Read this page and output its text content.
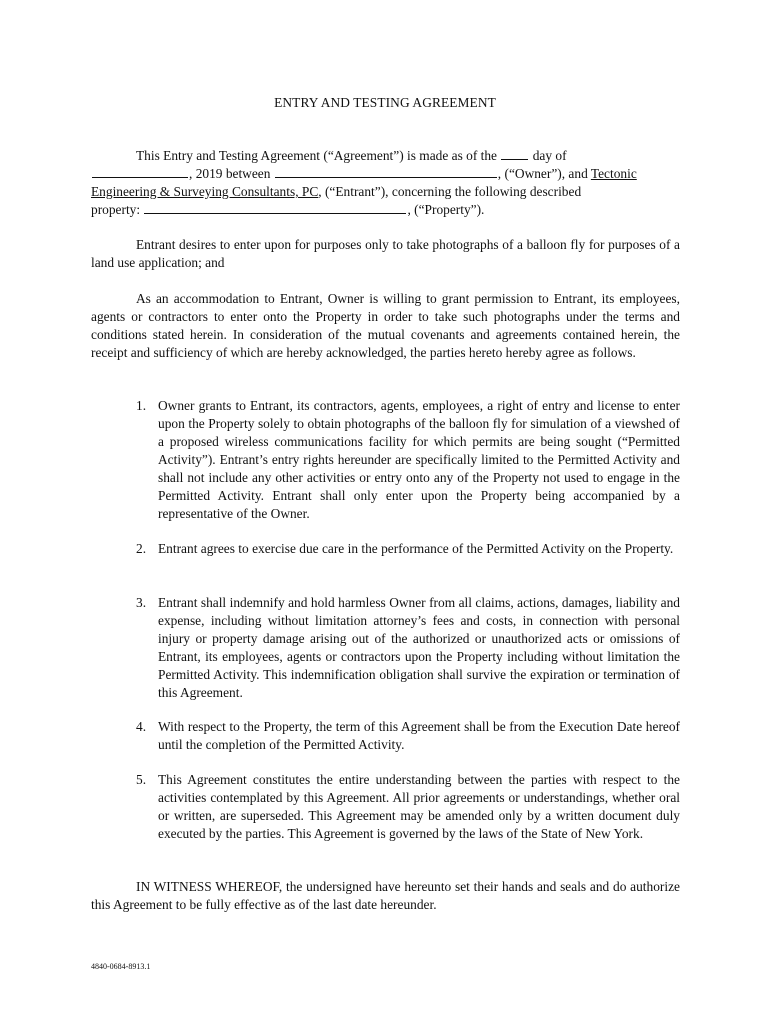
ENTRY AND TESTING AGREEMENT
This Entry and Testing Agreement (“Agreement”) is made as of the  day of
, 2019 between	, (“Owner”), and Tectonic
Engineering & Surveying Consultants, PC, (“Entrant”), concerning the following described
property:	, (“Property”).
Entrant desires to enter upon for purposes only to take photographs of a balloon fly for purposes of a land use application; and
As an accommodation to Entrant, Owner is willing to grant permission to Entrant, its employees, agents or contractors to enter onto the Property in order to take such photographs under the terms and conditions stated herein. In consideration of the mutual covenants and agreements contained herein, the receipt and sufficiency of which are hereby acknowledged, the parties hereto hereby agree as follows.
1. Owner grants to Entrant, its contractors, agents, employees, a right of entry and license to enter upon the Property solely to obtain photographs of the balloon fly for simulation of a viewshed of a proposed wireless communications facility for which permits are being sought (“Permitted Activity”). Entrant’s entry rights hereunder are specifically limited to the Permitted Activity and shall not include any other activities or entry onto any of the Property not used to engage in the Permitted Activity. Entrant shall only enter upon the Property being accompanied by a representative of the Owner.
2. Entrant agrees to exercise due care in the performance of the Permitted Activity on the Property.
3. Entrant shall indemnify and hold harmless Owner from all claims, actions, damages, liability and expense, including without limitation attorney’s fees and costs, in connection with personal injury or property damage arising out of the authorized or unauthorized acts or omissions of Entrant, its employees, agents or contractors upon the Property including without limitation the Permitted Activity. This indemnification obligation shall survive the expiration or termination of this Agreement.
4. With respect to the Property, the term of this Agreement shall be from the Execution Date hereof until the completion of the Permitted Activity.
5. This Agreement constitutes the entire understanding between the parties with respect to the activities contemplated by this Agreement. All prior agreements or understandings, whether oral or written, are superseded. This Agreement may be amended only by a written document duly executed by the parties. This Agreement is governed by the laws of the State of New York.
IN WITNESS WHEREOF, the undersigned have hereunto set their hands and seals and do authorize this Agreement to be fully effective as of the last date hereunder.
4840-0684-8913.1
